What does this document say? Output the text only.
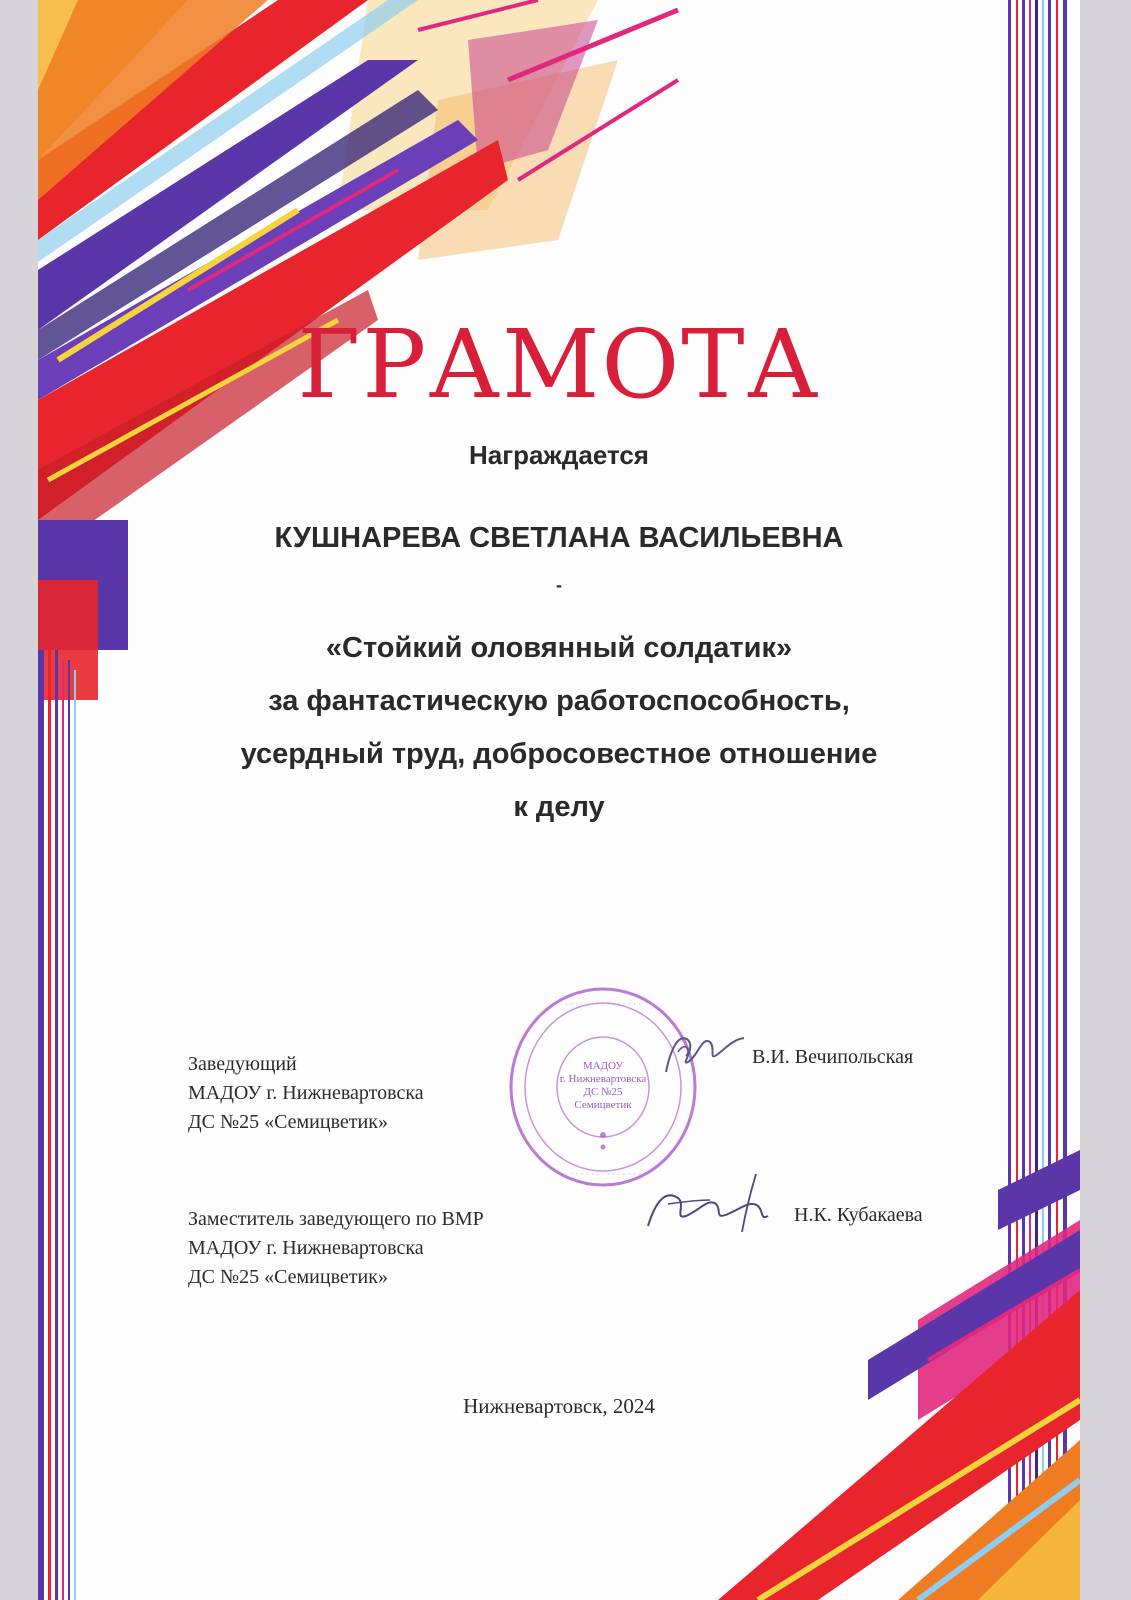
ГРАМОТА
Награждается
КУШНАРЕВА СВЕТЛАНА ВАСИЛЬЕВНА
-
«Стойкий оловянный солдатик»
за фантастическую работоспособность,
усердный труд, добросовестное отношение
к делу
Заведующий
МАДОУ г. Нижневартовска
ДС №25 «Семицветик»
В.И. Вечипольская
Заместитель заведующего по ВМР
МАДОУ г. Нижневартовска
ДС №25 «Семицветик»
Н.К. Кубакаева
· · · · · · · · · · · · · · ·
· · · · · · · · · · · · · · ·
МАДОУ
г. Нижневартовска
ДС №25
Семицветик
Нижневартовск, 2024
